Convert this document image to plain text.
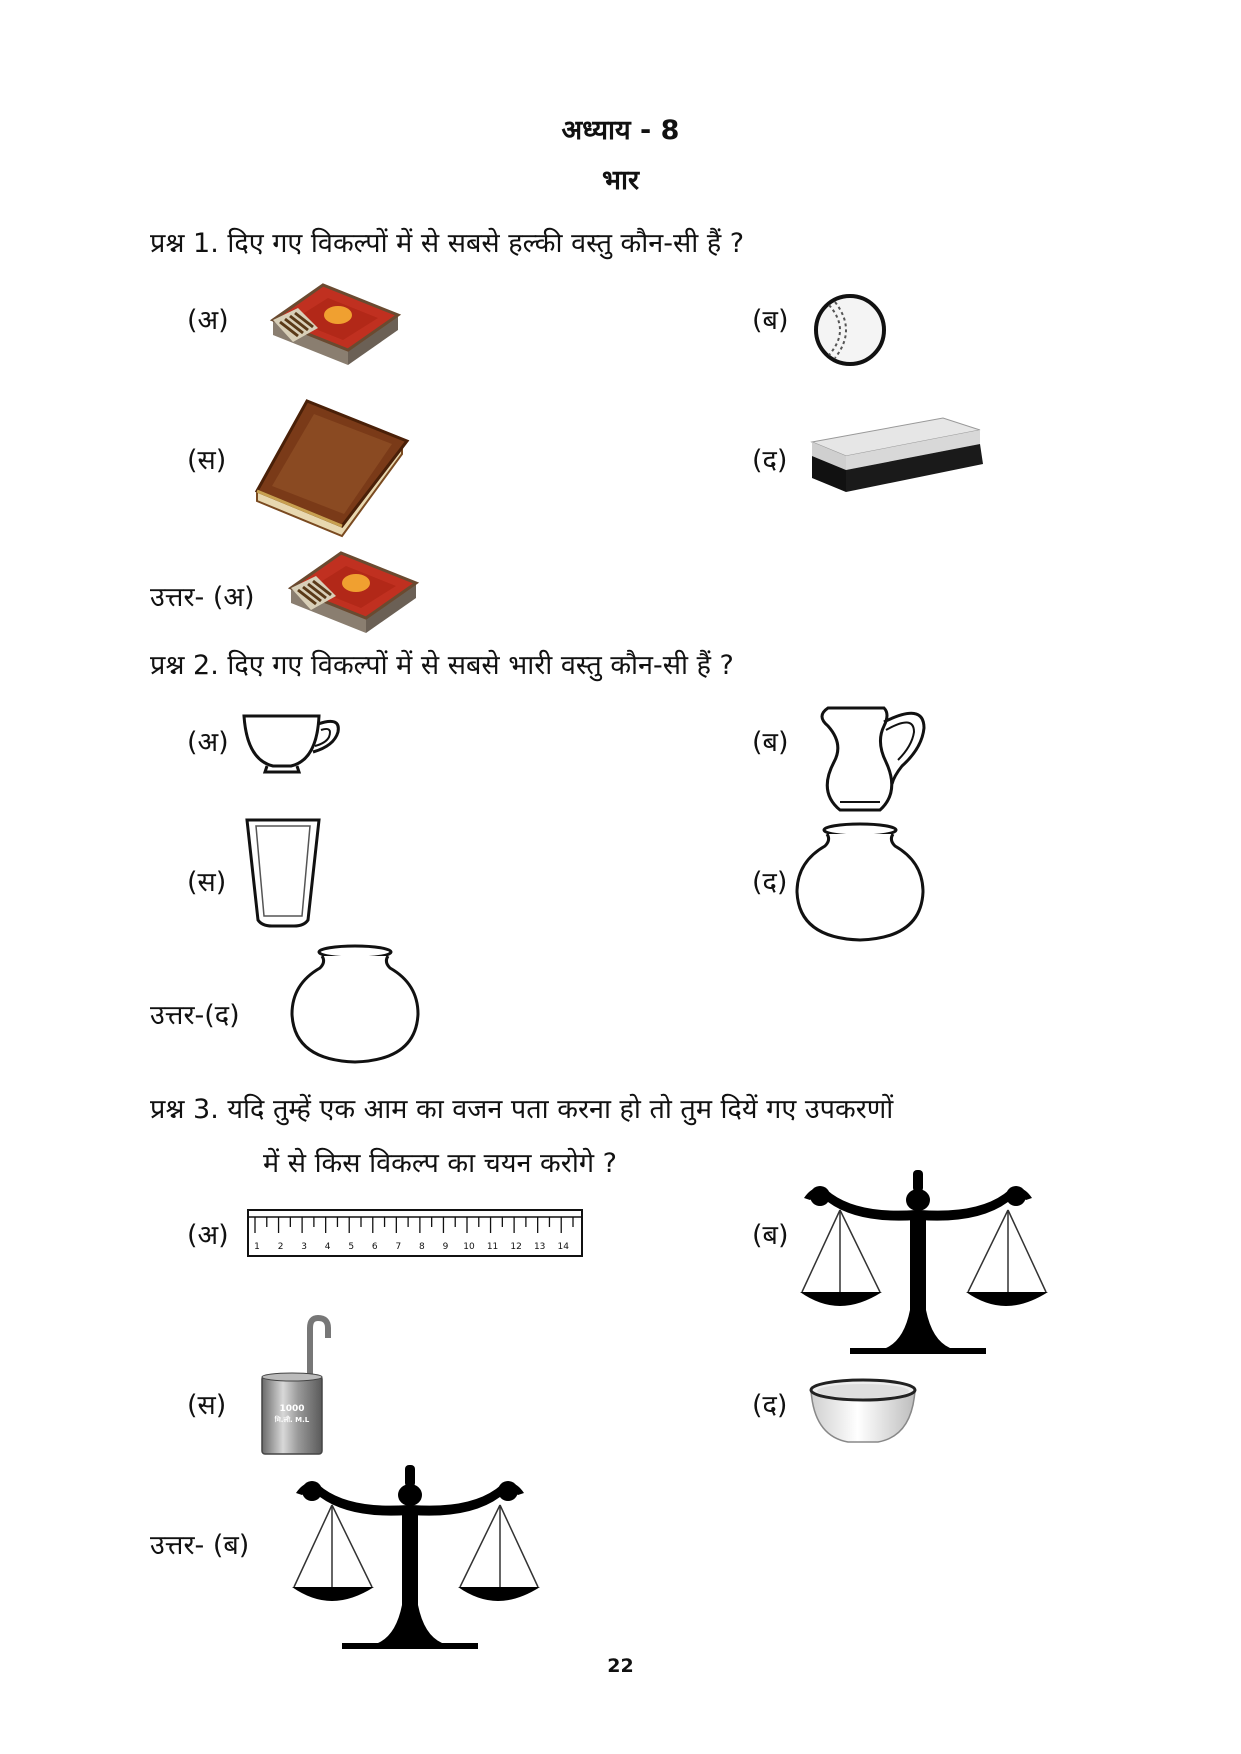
अध्याय - 8
भार
प्रश्न 1. दिए गए विकल्पों में से सबसे हल्की वस्तु कौन-सी हैं ?
(अ)	(ब)
(स)	(द)
उत्तर- (अ)
प्रश्न 2. दिए गए विकल्पों में से सबसे भारी वस्तु कौन-सी हैं ?
(अ)	(ब)
(स)	(द)
उत्तर-(द)
प्रश्न 3. यदि तुम्हें एक आम का वजन पता करना हो तो तुम दियें गए उपकरणों
में से किस विकल्प का चयन करोगे ?
(अ)	1 2 3 4 5 6 7 8 9 10 11 12 13 14	(ब)
(स)	1000
मि.ली. M.L	(द)
उत्तर- (ब)
22
